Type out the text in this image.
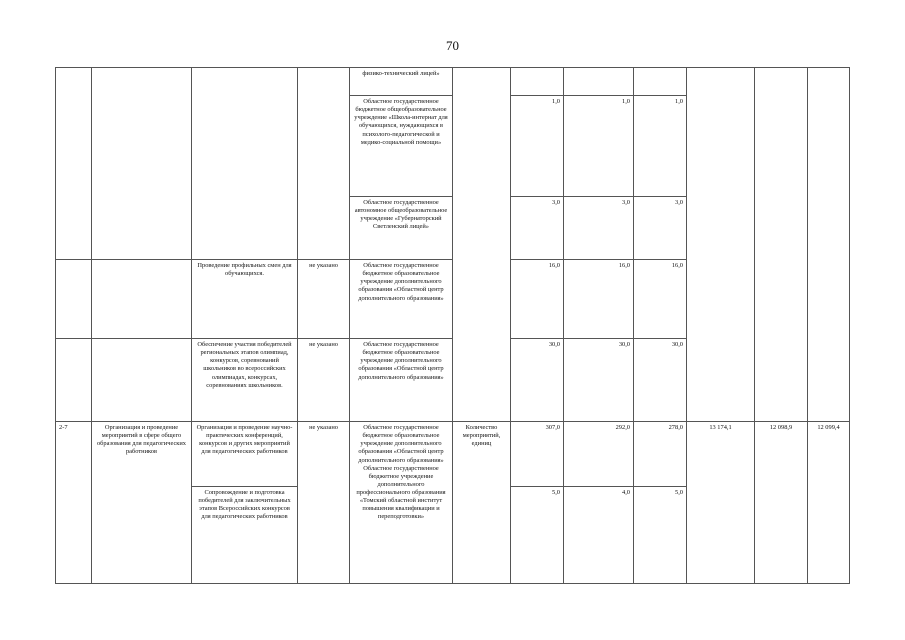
70

				физико-технический лицей»							

				Областное государственное бюджетное общеобразовательное учреждение «Школа-интернат для обучающихся, нуждающихся в психолого-педагогической и медико-социальной помощи»		1,0	1,0	1,0			
				Областное государственное автономное общеобразовательное учреждение «Губернаторский Светленский лицей»		3,0	3,0	3,0			
		Проведение профильных смен для обучающихся.	не указано	Областное государственное бюджетное образовательное учреждение дополнительного образования «Областной центр дополнительного образования»		16,0	16,0	16,0			
		Обеспечение участия победителей региональных этапов олимпиад, конкурсов, соревнований школьников во всероссийских олимпиадах, конкурсах, соревнованиях школьников.	не указано	Областное государственное бюджетное образовательное учреждение дополнительного образования «Областной центр дополнительного образования»		30,0	30,0	30,0			
2-7	Организация и проведение мероприятий в сфере общего образования для педагогических работников	Организация и проведение научно-практических конференций, конкурсов и других мероприятий для педагогических работников	не указано	Областное государственное бюджетное образовательное учреждение дополнительного образования «Областной центр дополнительного образования» Областное государственное бюджетное учреждение дополнительного профессионального образования «Томский областной институт повышения квалификации и переподготовки»	Количество мероприятий, единиц	307,0	292,0	278,0	13 174,1	12 098,9	12 099,4
		Сопровождение и подготовка победителей для заключительных этапов Всероссийских конкурсов для педагогических работников				5,0	4,0	5,0			
